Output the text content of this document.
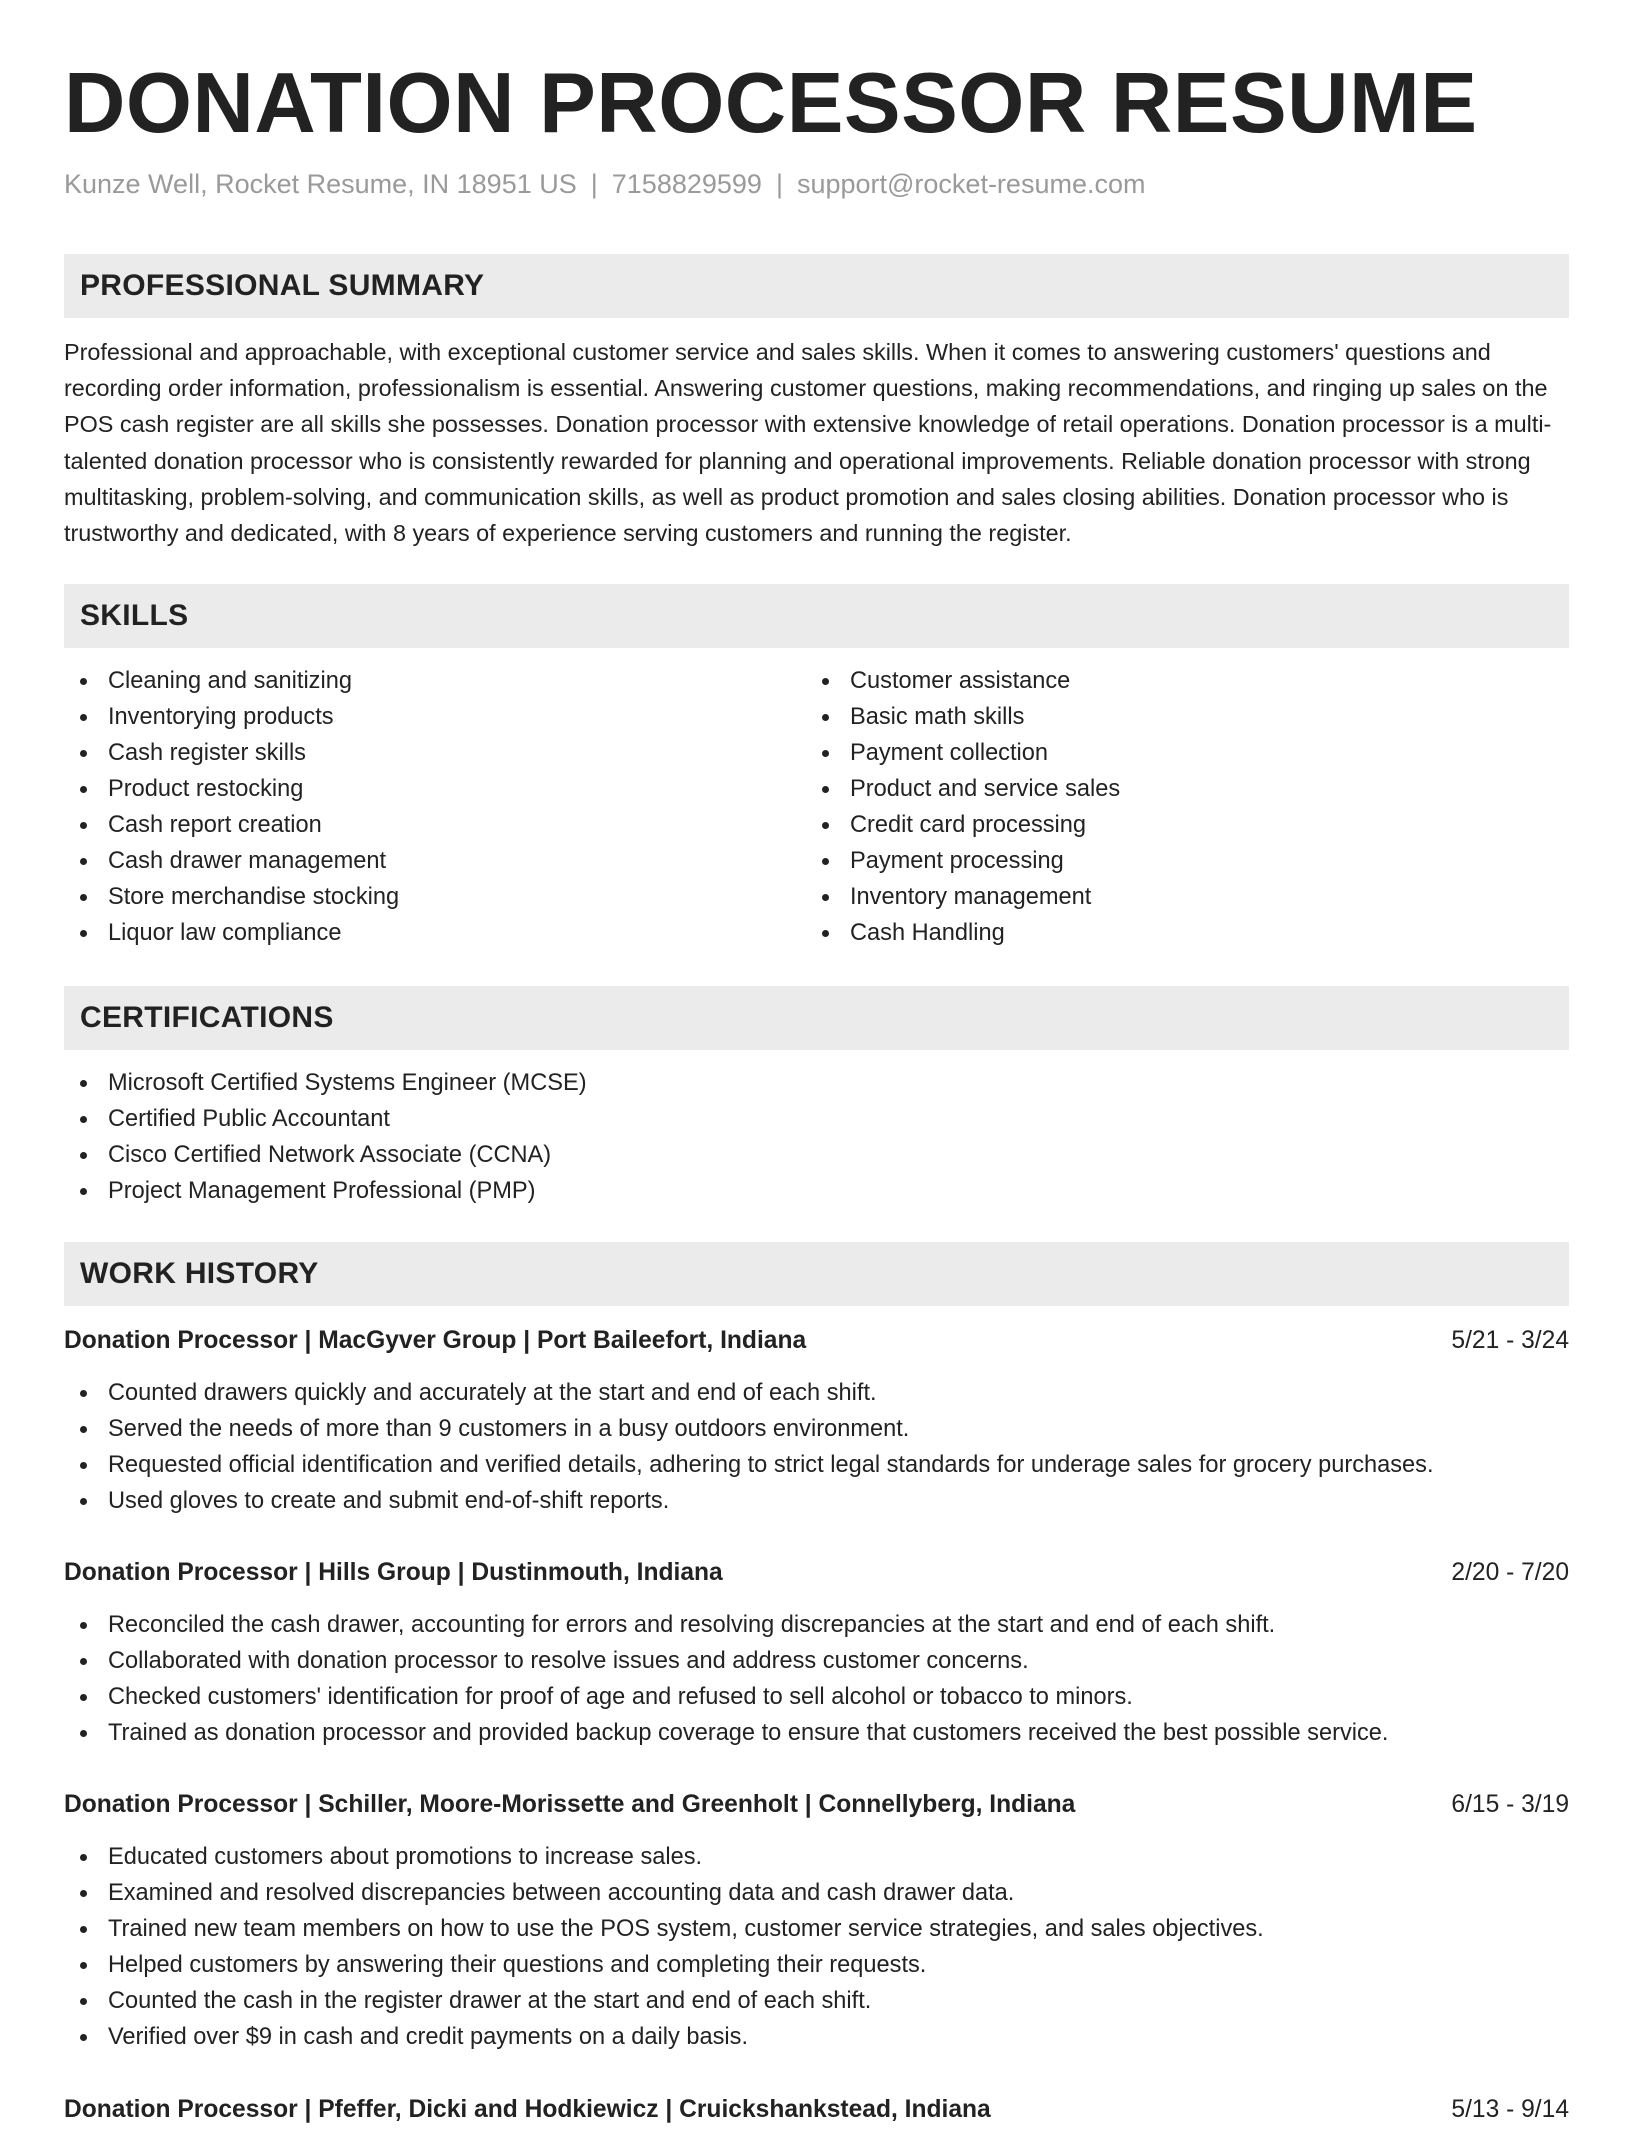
DONATION PROCESSOR RESUME
Kunze Well, Rocket Resume, IN 18951 US | 7158829599 | support@rocket-resume.com
PROFESSIONAL SUMMARY

Professional and approachable, with exceptional customer service and sales skills. When it comes to answering customers' questions and recording order information, professionalism is essential. Answering customer questions, making recommendations, and ringing up sales on the POS cash register are all skills she possesses. Donation processor with extensive knowledge of retail operations. Donation processor is a multi-talented donation processor who is consistently rewarded for planning and operational improvements. Reliable donation processor with strong multitasking, problem-solving, and communication skills, as well as product promotion and sales closing abilities. Donation processor who is trustworthy and dedicated, with 8 years of experience serving customers and running the register.

SKILLS
Cleaning and sanitizing
Inventorying products
Cash register skills
Product restocking
Cash report creation
Cash drawer management
Store merchandise stocking
Liquor law compliance
Customer assistance
Basic math skills
Payment collection
Product and service sales
Credit card processing
Payment processing
Inventory management
Cash Handling
CERTIFICATIONS
Microsoft Certified Systems Engineer (MCSE)
Certified Public Accountant
Cisco Certified Network Associate (CCNA)
Project Management Professional (PMP)
WORK HISTORY
Donation Processor | MacGyver Group | Port Baileefort, Indiana	5/21 - 3/24
Counted drawers quickly and accurately at the start and end of each shift.
Served the needs of more than 9 customers in a busy outdoors environment.
Requested official identification and verified details, adhering to strict legal standards for underage sales for grocery purchases.
Used gloves to create and submit end-of-shift reports.
Donation Processor | Hills Group | Dustinmouth, Indiana	2/20 - 7/20
Reconciled the cash drawer, accounting for errors and resolving discrepancies at the start and end of each shift.
Collaborated with donation processor to resolve issues and address customer concerns.
Checked customers' identification for proof of age and refused to sell alcohol or tobacco to minors.
Trained as donation processor and provided backup coverage to ensure that customers received the best possible service.
Donation Processor | Schiller, Moore-Morissette and Greenholt | Connellyberg, Indiana	6/15 - 3/19
Educated customers about promotions to increase sales.
Examined and resolved discrepancies between accounting data and cash drawer data.
Trained new team members on how to use the POS system, customer service strategies, and sales objectives.
Helped customers by answering their questions and completing their requests.
Counted the cash in the register drawer at the start and end of each shift.
Verified over $9 in cash and credit payments on a daily basis.
Donation Processor | Pfeffer, Dicki and Hodkiewicz | Cruickshankstead, Indiana	5/13 - 9/14
